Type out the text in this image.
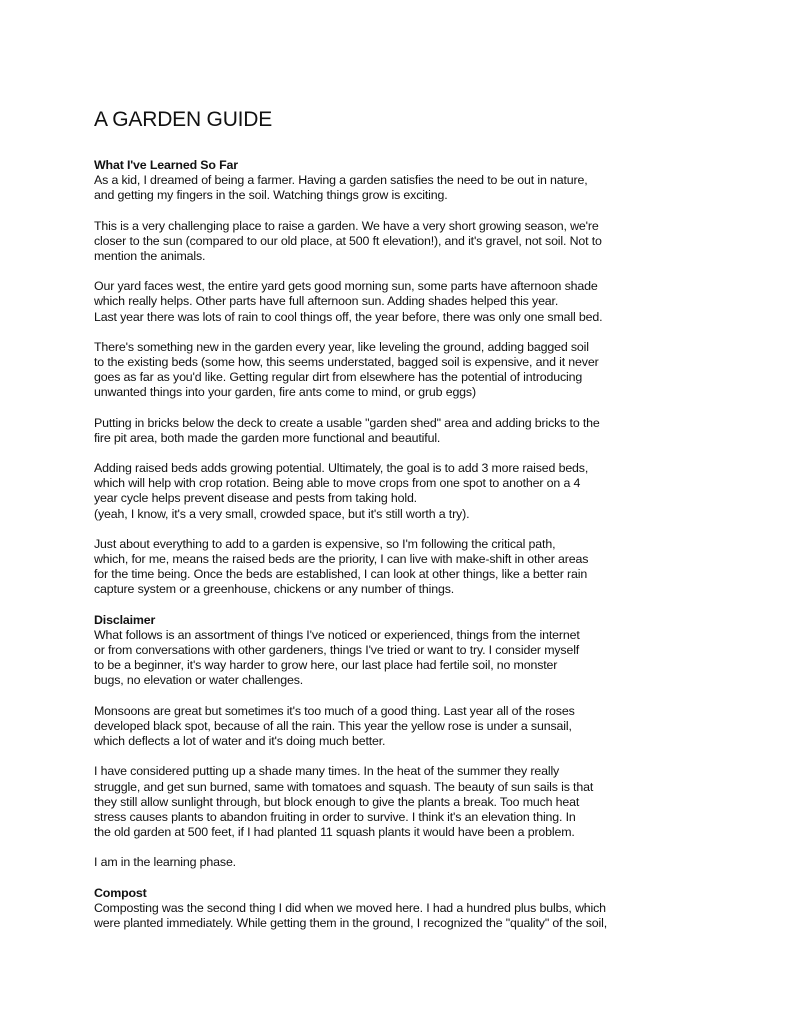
A GARDEN GUIDE
What I've Learned So Far
As a kid, I dreamed of being a farmer. Having a garden satisfies the need to be out in nature,
and getting my fingers in the soil. Watching things grow is exciting.
This is a very challenging place to raise a garden. We have a very short growing season, we're
closer to the sun (compared to our old place, at 500 ft elevation!), and it's gravel, not soil. Not to
mention the animals.
Our yard faces west, the entire yard gets good morning sun, some parts have afternoon shade
which really helps. Other parts have full afternoon sun. Adding shades helped this year.
Last year there was lots of rain to cool things off, the year before, there was only one small bed.
There's something new in the garden every year, like leveling the ground, adding bagged soil
to the existing beds (some how, this seems understated, bagged soil is expensive, and it never
goes as far as you'd like. Getting regular dirt from elsewhere has the potential of introducing
unwanted things into your garden, fire ants come to mind, or grub eggs)
Putting in bricks below the deck to create a usable "garden shed" area and adding bricks to the
fire pit area, both made the garden more functional and beautiful.
Adding raised beds adds growing potential. Ultimately, the goal is to add 3 more raised beds,
which will help with crop rotation. Being able to move crops from one spot to another on a 4
year cycle helps prevent disease and pests from taking hold.
(yeah, I know, it's a very small, crowded space, but it's still worth a try).
Just about everything to add to a garden is expensive, so I'm following the critical path,
which, for me, means the raised beds are the priority, I can live with make-shift in other areas
for the time being. Once the beds are established, I can look at other things, like a better rain
capture system or a greenhouse, chickens or any number of things.
Disclaimer
What follows is an assortment of things I've noticed or experienced, things from the internet
or from conversations with other gardeners, things I've tried or want to try. I consider myself
to be a beginner, it's way harder to grow here, our last place had fertile soil, no monster
bugs, no elevation or water challenges.
Monsoons are great but sometimes it's too much of a good thing. Last year all of the roses
developed black spot, because of all the rain. This year the yellow rose is under a sunsail,
which deflects a lot of water and it's doing much better.
I have considered putting up a shade many times. In the heat of the summer they really
struggle, and get sun burned, same with tomatoes and squash. The beauty of sun sails is that
they still allow sunlight through, but block enough to give the plants a break. Too much heat
stress causes plants to abandon fruiting in order to survive. I think it's an elevation thing. In
the old garden at 500 feet, if I had planted 11 squash plants it would have been a problem.
I am in the learning phase.
Compost
Composting was the second thing I did when we moved here. I had a hundred plus bulbs, which
were planted immediately. While getting them in the ground, I recognized the "quality" of the soil,
